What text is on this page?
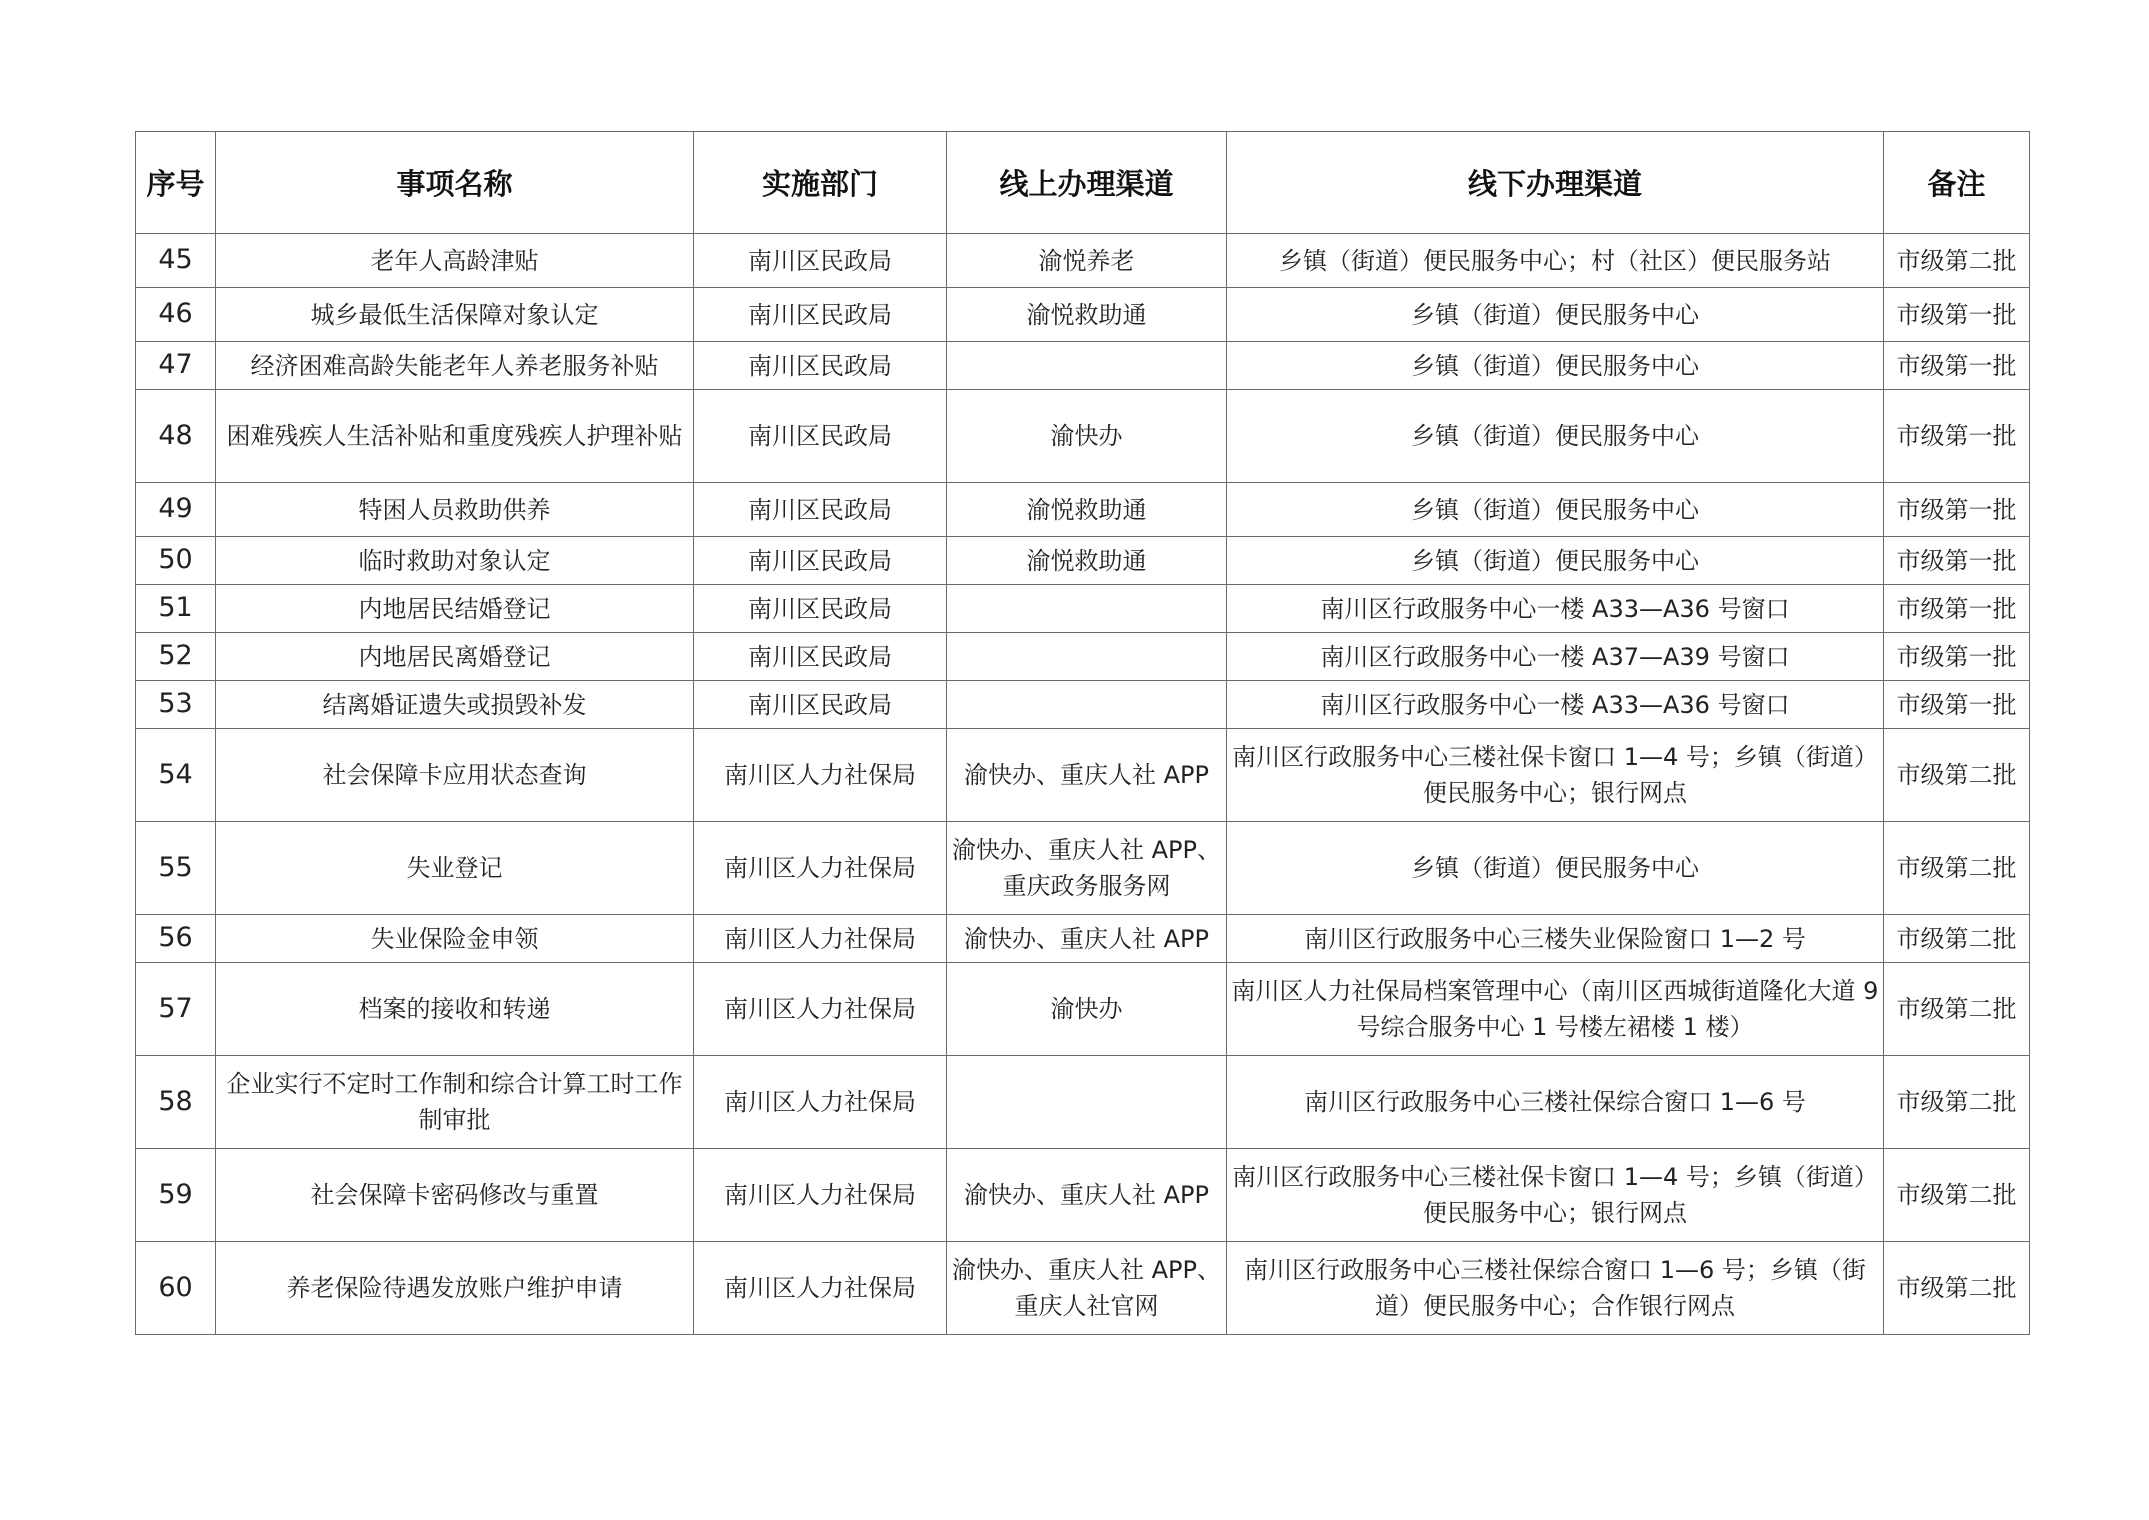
序号	事项名称	实施部门	线上办理渠道	线下办理渠道	备注
45	老年人高龄津贴	南川区民政局	渝悦养老	乡镇（街道）便民服务中心；村（社区）便民服务站	市级第二批
46	城乡最低生活保障对象认定	南川区民政局	渝悦救助通	乡镇（街道）便民服务中心	市级第一批
47	经济困难高龄失能老年人养老服务补贴	南川区民政局		乡镇（街道）便民服务中心	市级第一批
48	困难残疾人生活补贴和重度残疾人护理补贴	南川区民政局	渝快办	乡镇（街道）便民服务中心	市级第一批
49	特困人员救助供养	南川区民政局	渝悦救助通	乡镇（街道）便民服务中心	市级第一批
50	临时救助对象认定	南川区民政局	渝悦救助通	乡镇（街道）便民服务中心	市级第一批
51	内地居民结婚登记	南川区民政局		南川区行政服务中心一楼 A33—A36 号窗口	市级第一批
52	内地居民离婚登记	南川区民政局		南川区行政服务中心一楼 A37—A39 号窗口	市级第一批
53	结离婚证遗失或损毁补发	南川区民政局		南川区行政服务中心一楼 A33—A36 号窗口	市级第一批
54	社会保障卡应用状态查询	南川区人力社保局	渝快办、重庆人社 APP	南川区行政服务中心三楼社保卡窗口 1—4 号；乡镇（街道）便民服务中心；银行网点	市级第二批
55	失业登记	南川区人力社保局	渝快办、重庆人社 APP、重庆政务服务网	乡镇（街道）便民服务中心	市级第二批
56	失业保险金申领	南川区人力社保局	渝快办、重庆人社 APP	南川区行政服务中心三楼失业保险窗口 1—2 号	市级第二批
57	档案的接收和转递	南川区人力社保局	渝快办	南川区人力社保局档案管理中心（南川区西城街道隆化大道 9 号综合服务中心 1 号楼左裙楼 1 楼）	市级第二批
58	企业实行不定时工作制和综合计算工时工作制审批	南川区人力社保局		南川区行政服务中心三楼社保综合窗口 1—6 号	市级第二批
59	社会保障卡密码修改与重置	南川区人力社保局	渝快办、重庆人社 APP	南川区行政服务中心三楼社保卡窗口 1—4 号；乡镇（街道）便民服务中心；银行网点	市级第二批
60	养老保险待遇发放账户维护申请	南川区人力社保局	渝快办、重庆人社 APP、重庆人社官网	南川区行政服务中心三楼社保综合窗口 1—6 号；乡镇（街道）便民服务中心；合作银行网点	市级第二批
